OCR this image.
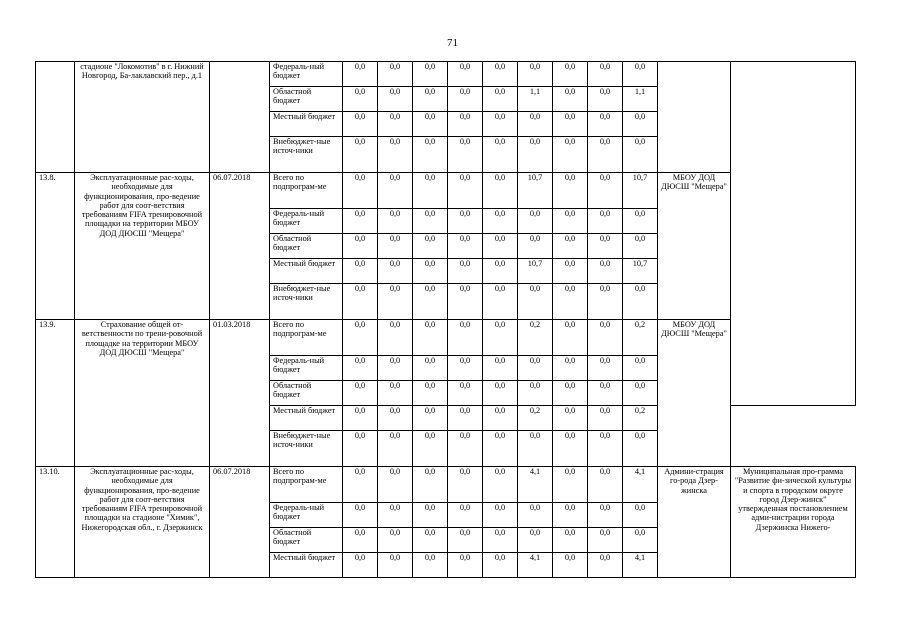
71
	стадионе "Локомотив" в г. Нижний Новгород, Ба-лаклавский пер., д.1		Федераль-ный бюджет	0,0	0,0	0,0	0,0	0,0	0,0	0,0	0,0	0,0		
			Областной бюджет	0,0	0,0	0,0	0,0	0,0	1,1	0,0	0,0	1,1		
			Местный бюджет	0,0	0,0	0,0	0,0	0,0	0,0	0,0	0,0	0,0		
			Внебюджет-ные источ-ники	0,0	0,0	0,0	0,0	0,0	0,0	0,0	0,0	0,0		
13.8.	Эксплуатационные рас-ходы, необходимые для функционирования, про-ведение работ для соот-ветствия требованиям FIFA тренировочной площадки на территории МБОУ ДОД ДЮСШ "Мещера"	06.07.2018	Всего по подпрограм-ме	0,0	0,0	0,0	0,0	0,0	10,7	0,0	0,0	10,7	МБОУ ДОД ДЮСШ "Мещера"	
			Федераль-ный бюджет	0,0	0,0	0,0	0,0	0,0	0,0	0,0	0,0	0,0		
			Областной бюджет	0,0	0,0	0,0	0,0	0,0	0,0	0,0	0,0	0,0		
			Местный бюджет	0,0	0,0	0,0	0,0	0,0	10,7	0,0	0,0	10,7		
			Внебюджет-ные источ-ники	0,0	0,0	0,0	0,0	0,0	0,0	0,0	0,0	0,0		
13.9.	Страхование общей от-ветственности по трени-ровочной площадке на территории МБОУ ДОД ДЮСШ "Мещера"	01.03.2018	Всего по подпрограм-ме	0,0	0,0	0,0	0,0	0,0	0,2	0,0	0,0	0,2	МБОУ ДОД ДЮСШ "Мещера"	
			Федераль-ный бюджет	0,0	0,0	0,0	0,0	0,0	0,0	0,0	0,0	0,0		
			Областной бюджет	0,0	0,0	0,0	0,0	0,0	0,0	0,0	0,0	0,0		
			Местный бюджет	0,0	0,0	0,0	0,0	0,0	0,2	0,0	0,0	0,2		
			Внебюджет-ные источ-ники	0,0	0,0	0,0	0,0	0,0	0,0	0,0	0,0	0,0		
13.10.	Эксплуатационные рас-ходы, необходимые для функционирования, про-ведение работ для соот-ветствия требованиям FIFA тренировочной площадки на стадионе "Химик", Нижегородская обл., г. Дзержинск	06.07.2018	Всего по подпрограм-ме	0,0	0,0	0,0	0,0	0,0	4,1	0,0	0,0	4,1	Админи-страция го-рода Дзер-жинска	Муниципальная про-грамма "Развитие фи-зической культуры и спорта в городском округе город Дзер-жинск" утвержденная постановлением адми-нистрации города Дзержинска Нижего-
			Федераль-ный бюджет	0,0	0,0	0,0	0,0	0,0	0,0	0,0	0,0	0,0		
			Областной бюджет	0,0	0,0	0,0	0,0	0,0	0,0	0,0	0,0	0,0		
			Местный бюджет	0,0	0,0	0,0	0,0	0,0	4,1	0,0	0,0	4,1		
